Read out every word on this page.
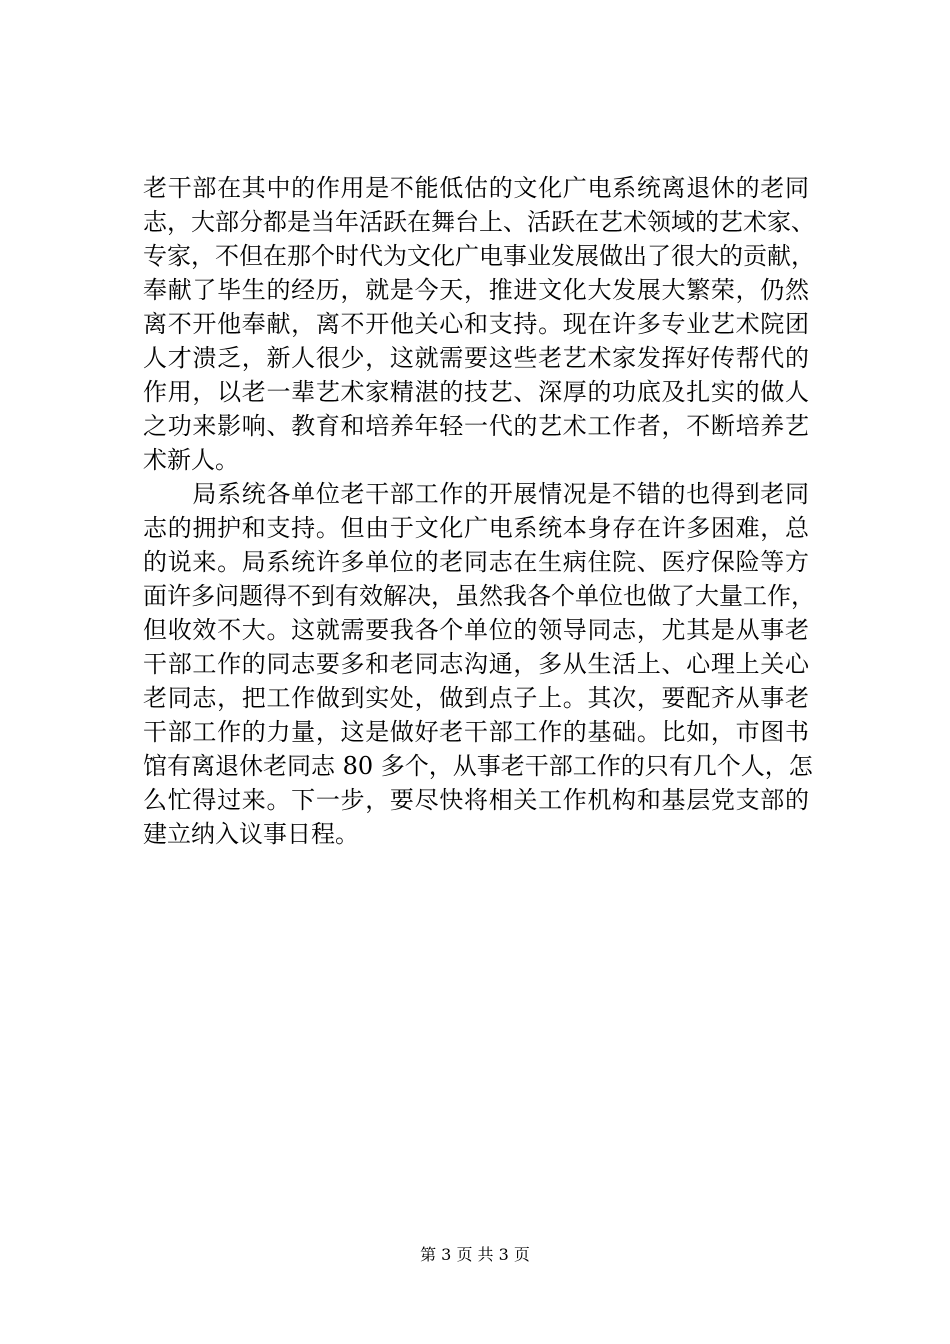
老干部在其中的作用是不能低估的文化广电系统离退休的老同
志，大部分都是当年活跃在舞台上、活跃在艺术领域的艺术家、
专家，不但在那个时代为文化广电事业发展做出了很大的贡献，
奉献了毕生的经历，就是今天，推进文化大发展大繁荣，仍然
离不开他奉献，离不开他关心和支持。现在许多专业艺术院团
人才溃乏，新人很少，这就需要这些老艺术家发挥好传帮代的
作用，以老一辈艺术家精湛的技艺、深厚的功底及扎实的做人
之功来影响、教育和培养年轻一代的艺术工作者，不断培养艺
术新人。
　　局系统各单位老干部工作的开展情况是不错的也得到老同
志的拥护和支持。但由于文化广电系统本身存在许多困难，总
的说来。局系统许多单位的老同志在生病住院、医疗保险等方
面许多问题得不到有效解决，虽然我各个单位也做了大量工作，
但收效不大。这就需要我各个单位的领导同志，尤其是从事老
干部工作的同志要多和老同志沟通，多从生活上、心理上关心
老同志，把工作做到实处，做到点子上。其次，要配齐从事老
干部工作的力量，这是做好老干部工作的基础。比如，市图书
馆有离退休老同志 80 多个，从事老干部工作的只有几个人，怎
么忙得过来。下一步，要尽快将相关工作机构和基层党支部的
建立纳入议事日程。
第 3 页 共 3 页
